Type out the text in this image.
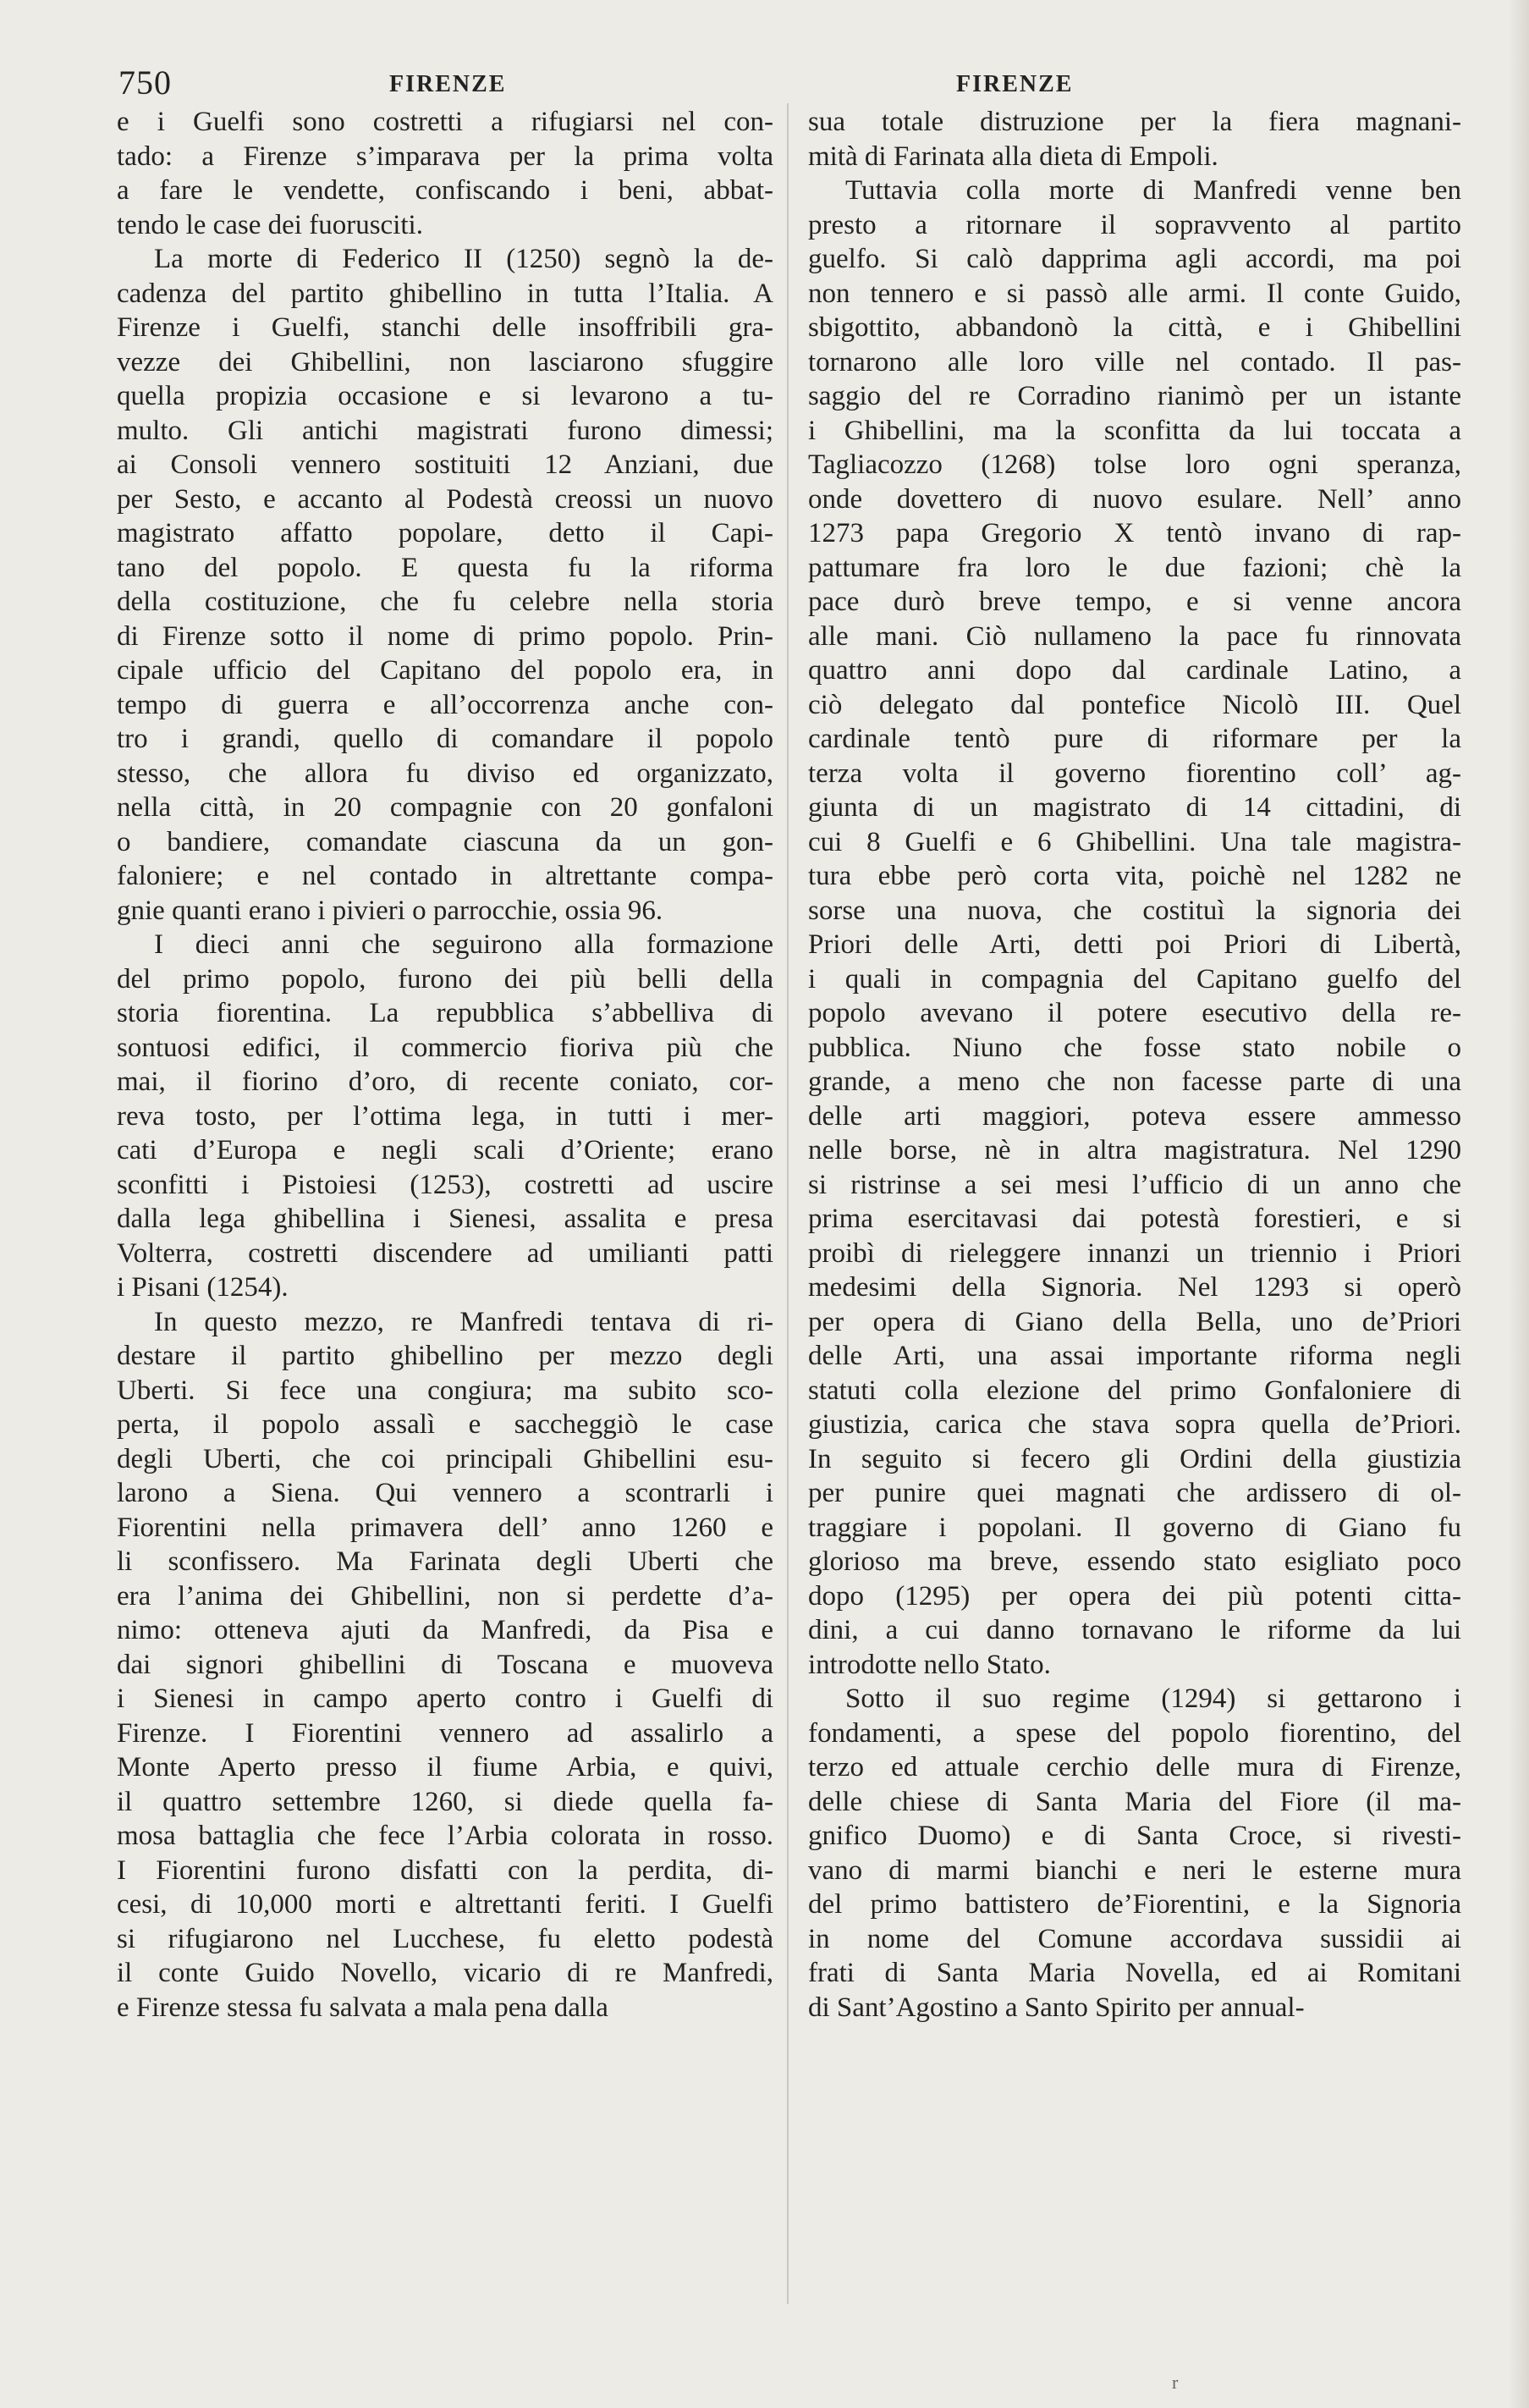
750	FIRENZE	FIRENZE
e i Guelfi sono costretti a rifugiarsi nel con-
tado: a Firenze s’imparava per la prima volta
a fare le vendette, confiscando i beni, abbat-
tendo le case dei fuorusciti.
La morte di Federico II (1250) segnò la de-
cadenza del partito ghibellino in tutta l’Italia. A
Firenze i Guelfi, stanchi delle insoffribili gra-
vezze dei Ghibellini, non lasciarono sfuggire
quella propizia occasione e si levarono a tu-
multo. Gli antichi magistrati furono dimessi;
ai Consoli vennero sostituiti 12 Anziani, due
per Sesto, e accanto al Podestà creossi un nuovo
magistrato affatto popolare, detto il Capi-
tano del popolo. E questa fu la riforma
della costituzione, che fu celebre nella storia
di Firenze sotto il nome di primo popolo. Prin-
cipale ufficio del Capitano del popolo era, in
tempo di guerra e all’occorrenza anche con-
tro i grandi, quello di comandare il popolo
stesso, che allora fu diviso ed organizzato,
nella città, in 20 compagnie con 20 gonfaloni
o bandiere, comandate ciascuna da un gon-
faloniere; e nel contado in altrettante compa-
gnie quanti erano i pivieri o parrocchie, ossia 96.
I dieci anni che seguirono alla formazione
del primo popolo, furono dei più belli della
storia fiorentina. La repubblica s’abbelliva di
sontuosi edifici, il commercio fioriva più che
mai, il fiorino d’oro, di recente coniato, cor-
reva tosto, per l’ottima lega, in tutti i mer-
cati d’Europa e negli scali d’Oriente; erano
sconfitti i Pistoiesi (1253), costretti ad uscire
dalla lega ghibellina i Sienesi, assalita e presa
Volterra, costretti discendere ad umilianti patti
i Pisani (1254).
In questo mezzo, re Manfredi tentava di ri-
destare il partito ghibellino per mezzo degli
Uberti. Si fece una congiura; ma subito sco-
perta, il popolo assalì e saccheggiò le case
degli Uberti, che coi principali Ghibellini esu-
larono a Siena. Qui vennero a scontrarli i
Fiorentini nella primavera dell’ anno 1260 e
li sconfissero. Ma Farinata degli Uberti che
era l’anima dei Ghibellini, non si perdette d’a-
nimo: otteneva ajuti da Manfredi, da Pisa e
dai signori ghibellini di Toscana e muoveva
i Sienesi in campo aperto contro i Guelfi di
Firenze. I Fiorentini vennero ad assalirlo a
Monte Aperto presso il fiume Arbia, e quivi,
il quattro settembre 1260, si diede quella fa-
mosa battaglia che fece l’Arbia colorata in rosso.
I Fiorentini furono disfatti con la perdita, di-
cesi, di 10,000 morti e altrettanti feriti. I Guelfi
si rifugiarono nel Lucchese, fu eletto podestà
il conte Guido Novello, vicario di re Manfredi,
e Firenze stessa fu salvata a mala pena dalla
sua totale distruzione per la fiera magnani-
mità di Farinata alla dieta di Empoli.
Tuttavia colla morte di Manfredi venne ben
presto a ritornare il sopravvento al partito
guelfo. Si calò dapprima agli accordi, ma poi
non tennero e si passò alle armi. Il conte Guido,
sbigottito, abbandonò la città, e i Ghibellini
tornarono alle loro ville nel contado. Il pas-
saggio del re Corradino rianimò per un istante
i Ghibellini, ma la sconfitta da lui toccata a
Tagliacozzo (1268) tolse loro ogni speranza,
onde dovettero di nuovo esulare. Nell’ anno
1273 papa Gregorio X tentò invano di rap-
pattumare fra loro le due fazioni; chè la
pace durò breve tempo, e si venne ancora
alle mani. Ciò nullameno la pace fu rinnovata
quattro anni dopo dal cardinale Latino, a
ciò delegato dal pontefice Nicolò III. Quel
cardinale tentò pure di riformare per la
terza volta il governo fiorentino coll’ ag-
giunta di un magistrato di 14 cittadini, di
cui 8 Guelfi e 6 Ghibellini. Una tale magistra-
tura ebbe però corta vita, poichè nel 1282 ne
sorse una nuova, che costituì la signoria dei
Priori delle Arti, detti poi Priori di Libertà,
i quali in compagnia del Capitano guelfo del
popolo avevano il potere esecutivo della re-
pubblica. Niuno che fosse stato nobile o
grande, a meno che non facesse parte di una
delle arti maggiori, poteva essere ammesso
nelle borse, nè in altra magistratura. Nel 1290
si ristrinse a sei mesi l’ufficio di un anno che
prima esercitavasi dai potestà forestieri, e si
proibì di rieleggere innanzi un triennio i Priori
medesimi della Signoria. Nel 1293 si operò
per opera di Giano della Bella, uno de’Priori
delle Arti, una assai importante riforma negli
statuti colla elezione del primo Gonfaloniere di
giustizia, carica che stava sopra quella de’Priori.
In seguito si fecero gli Ordini della giustizia
per punire quei magnati che ardissero di ol-
traggiare i popolani. Il governo di Giano fu
glorioso ma breve, essendo stato esigliato poco
dopo (1295) per opera dei più potenti citta-
dini, a cui danno tornavano le riforme da lui
introdotte nello Stato.
Sotto il suo regime (1294) si gettarono i
fondamenti, a spese del popolo fiorentino, del
terzo ed attuale cerchio delle mura di Firenze,
delle chiese di Santa Maria del Fiore (il ma-
gnifico Duomo) e di Santa Croce, si rivesti-
vano di marmi bianchi e neri le esterne mura
del primo battistero de’Fiorentini, e la Signoria
in nome del Comune accordava sussidii ai
frati di Santa Maria Novella, ed ai Romitani
di Sant’Agostino a Santo Spirito per annual-
r
